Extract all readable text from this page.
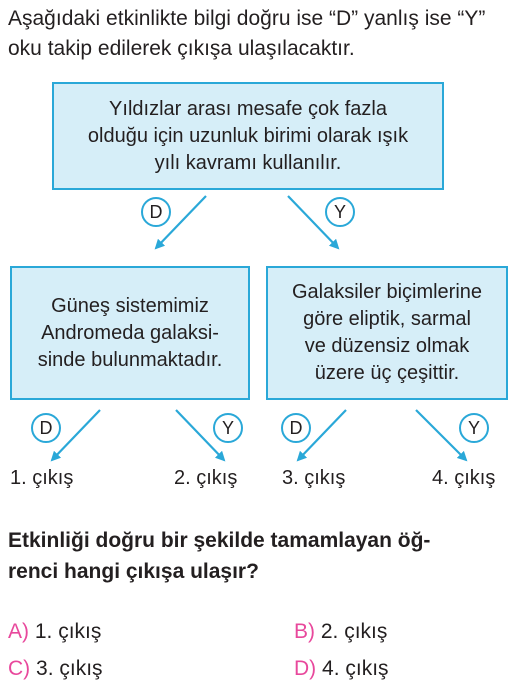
Aşağıdaki etkinlikte bilgi doğru ise “D” yanlış ise “Y” oku takip edilerek çıkışa ulaşılacaktır.
Yıldızlar arası mesafe çok fazla
olduğu için uzunluk birimi olarak ışık
yılı kavramı kullanılır.
Güneş sistemimiz
Andromeda galaksi-
sinde bulunmaktadır.
Galaksiler biçimlerine
göre eliptik, sarmal
ve düzensiz olmak
üzere üç çeşittir.
D	Y
D	Y	D	Y
1. çıkış	2. çıkış 3. çıkış	4. çıkış
Etkinliği doğru bir şekilde tamamlayan öğ-
renci hangi çıkışa ulaşır?
A) 1. çıkış	B) 2. çıkış
C) 3. çıkış	D) 4. çıkış
